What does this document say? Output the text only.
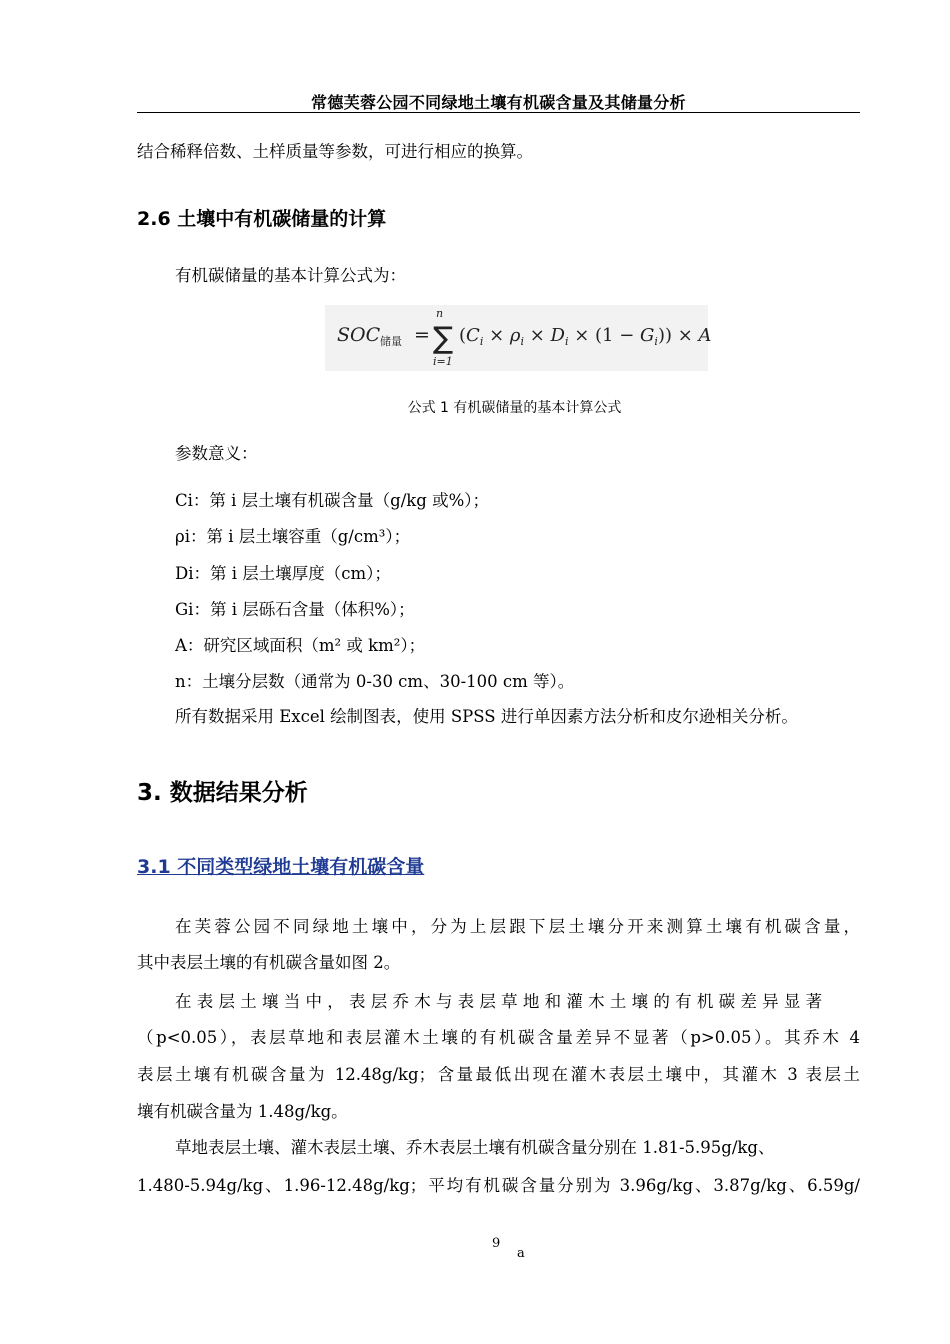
常德芙蓉公园不同绿地土壤有机碳含量及其储量分析
结合稀释倍数、土样质量等参数，可进行相应的换算。
2.6 土壤中有机碳储量的计算
有机碳储量的基本计算公式为：
SOC 储量 =
n
∑
i=1
$(C_i \times \rho_i \times D_i \times (1 - G_i)) \times A$
公式 1 有机碳储量的基本计算公式
参数意义：
Ci：第 i 层土壤有机碳含量（g/kg 或%）；
ρi：第 i 层土壤容重（g/cm³）；
Di：第 i 层土壤厚度（cm）；
Gi：第 i 层砾石含量（体积%）；
A：研究区域面积（m² 或 km²）；
n：土壤分层数（通常为 0-30 cm、30-100 cm 等）。
所有数据采用 Excel 绘制图表，使用 SPSS 进行单因素方法分析和皮尔逊相关分析。
3. 数据结果分析
3.1 不同类型绿地土壤有机碳含量
在芙蓉公园不同绿地土壤中，分为上层跟下层土壤分开来测算土壤有机碳含量，
其中表层土壤的有机碳含量如图 2。
在 表 层 土 壤 当 中 ， 表 层 乔 木 与 表 层 草 地 和 灌 木 土 壤 的 有 机 碳 差 异 显 著
（p<0.05），表层草地和表层灌木土壤的有机碳含量差异不显著（p>0.05）。其乔木 4
表层土壤有机碳含量为 12.48g/kg；含量最低出现在灌木表层土壤中，其灌木 3 表层土
壤有机碳含量为 1.48g/kg。
草地表层土壤、灌木表层土壤、乔木表层土壤有机碳含量分别在 1.81-5.95g/kg、
1.480-5.94g/kg、1.96-12.48g/kg；平均有机碳含量分别为 3.96g/kg、3.87g/kg、6.59g/
9
a
